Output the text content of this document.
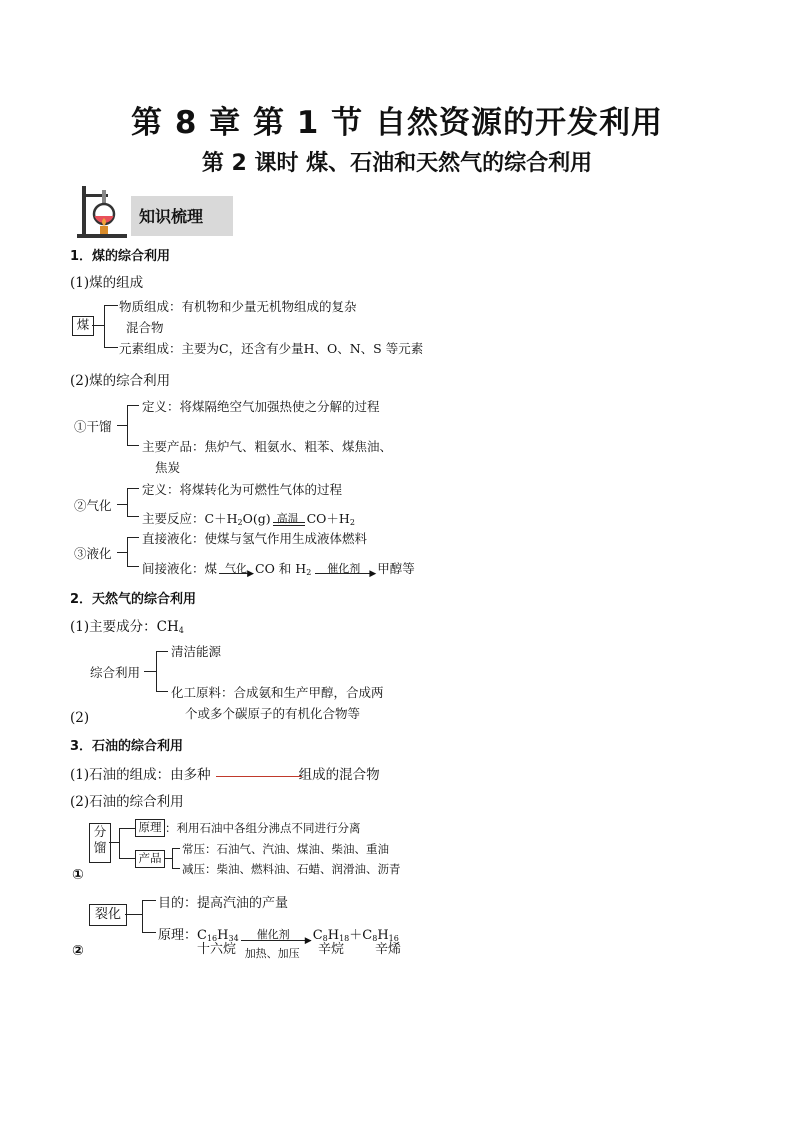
第 8 章 第 1 节 自然资源的开发利用
第 2 课时 煤、石油和天然气的综合利用
知识梳理
1．煤的综合利用
(1)煤的组成
煤
物质组成：有机物和少量无机物组成的复杂
混合物
元素组成：主要为C，还含有少量H、O、N、S 等元素
(2)煤的综合利用
①干馏
定义：将煤隔绝空气加强热使之分解的过程
主要产品：焦炉气、粗氨水、粗苯、煤焦油、
焦炭
②气化
定义：将煤转化为可燃性气体的过程
主要反应：$C+H_2O(g)$ 高温 $CO+H_2$
③液化
直接液化：使煤与氢气作用生成液体燃料
间接液化：煤 气化 ▶ CO 和 $H_2$ 催化剂 ▶ 甲醇等
2．天然气的综合利用
(1)主要成分：$CH_4$
综合利用
清洁能源
化工原料：合成氨和生产甲醇，合成两
个或多个碳原子的有机化合物等
(2)
3．石油的综合利用
(1)石油的组成：由多种	组成的混合物
(2)石油的综合利用
分
馏
原理 ：利用石油中各组分沸点不同进行分离
产品
常压：石油气、汽油、煤油、柴油、重油
减压：柴油、燃料油、石蜡、润滑油、沥青
①
裂化
目的：提高汽油的产量
原理：$C_{16}H_{34}$ 催化剂 ▶
加热、加压
$C_8H_{18}+C_8H_{16}$
十六烷	辛烷 辛烯
②
